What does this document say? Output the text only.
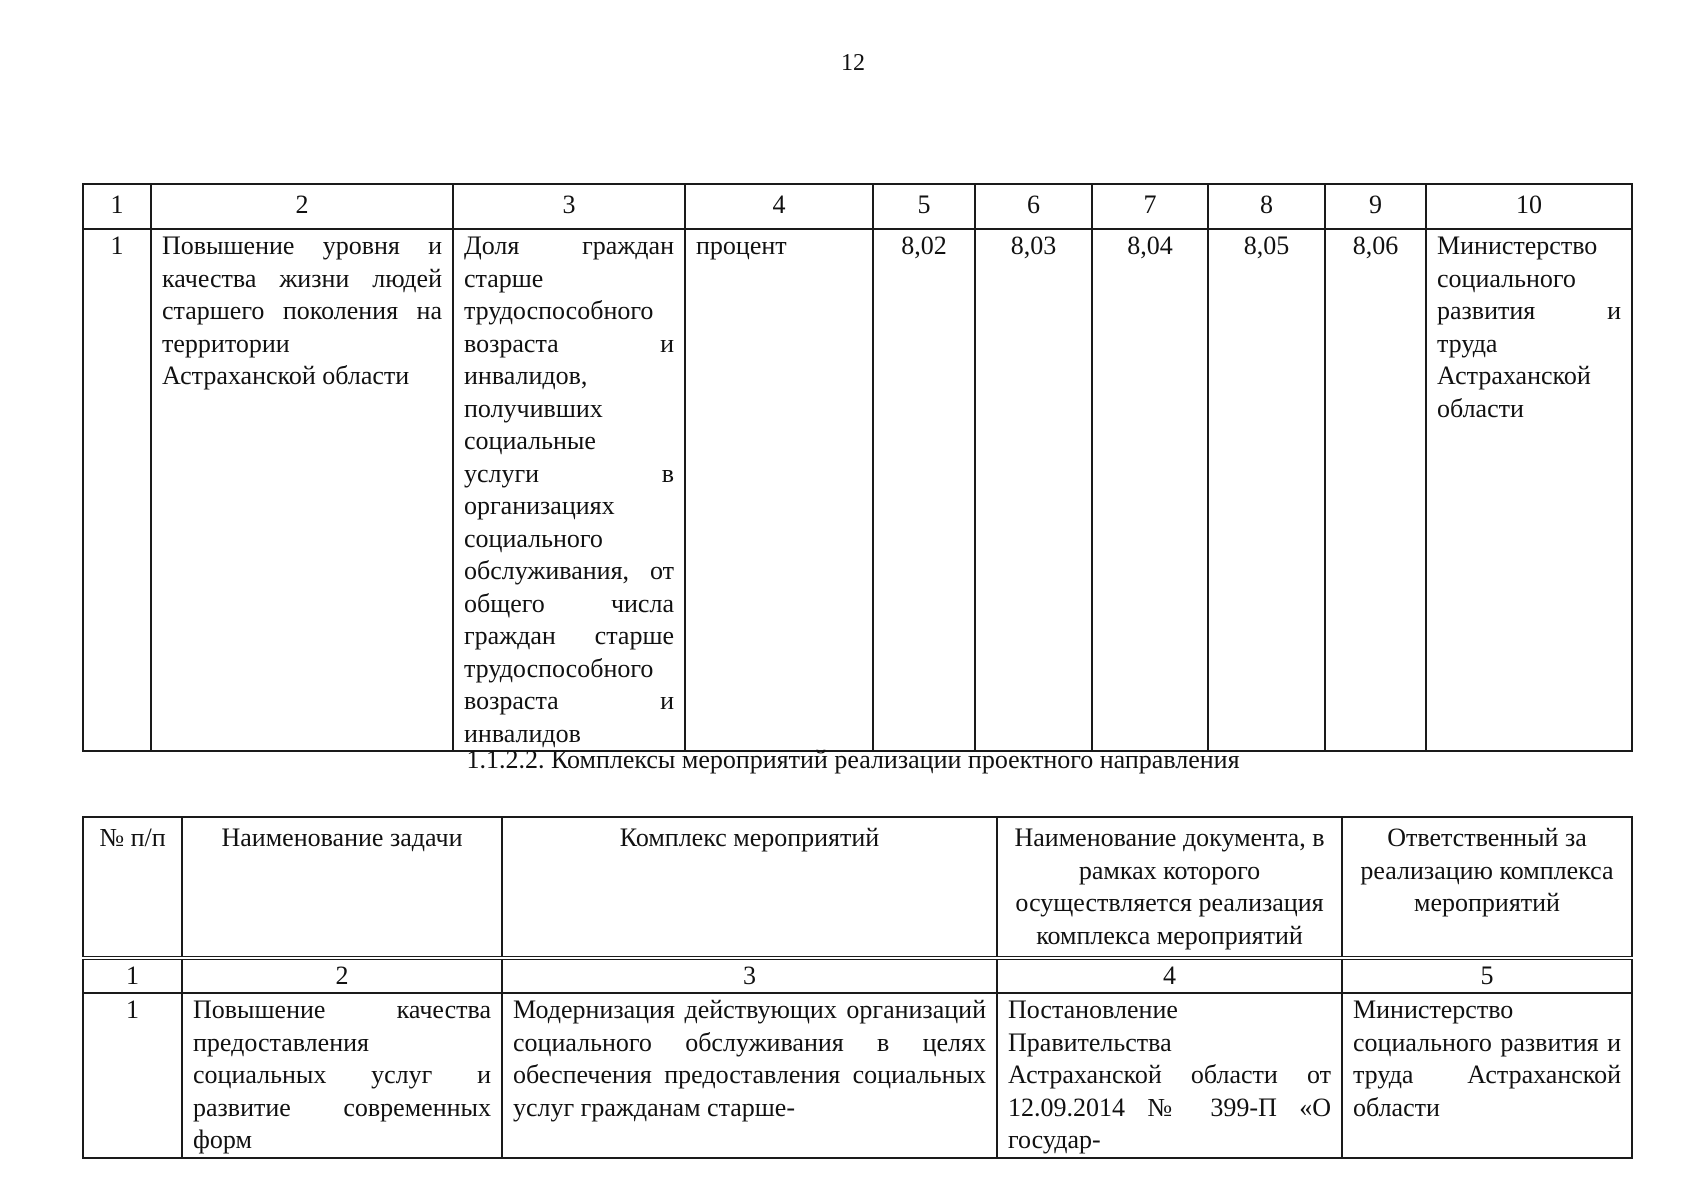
12
1	2	3	4	5	6	7	8	9	10
1	Повышение уровня и качества жизни людей старшего поколения на территории Астраханской области	Доля граждан старше трудоспособного возраста и инвалидов, получивших социальные услуги в организациях социального обслуживания, от общего числа граждан старше трудоспособного возраста и инвалидов	процент	8,02	8,03	8,04	8,05	8,06	Министерство социального развития и труда Астраханской области
1.1.2.2. Комплексы мероприятий реализации проектного направления
№ п/п	Наименование задачи	Комплекс мероприятий	Наименование документа, в рамках которого осуществляется реализация комплекса мероприятий	Ответственный за реализацию комплекса мероприятий
1	2	3	4	5
1	Повышение качества предоставления социальных услуг и развитие современных форм	Модернизация действующих организаций социального обслуживания в целях обеспечения предоставления социальных услуг гражданам старше-	Постановление Правительства Астраханской области от 12.09.2014 № 399-П «О государ-	Министерство социального развития и труда Астраханской области
